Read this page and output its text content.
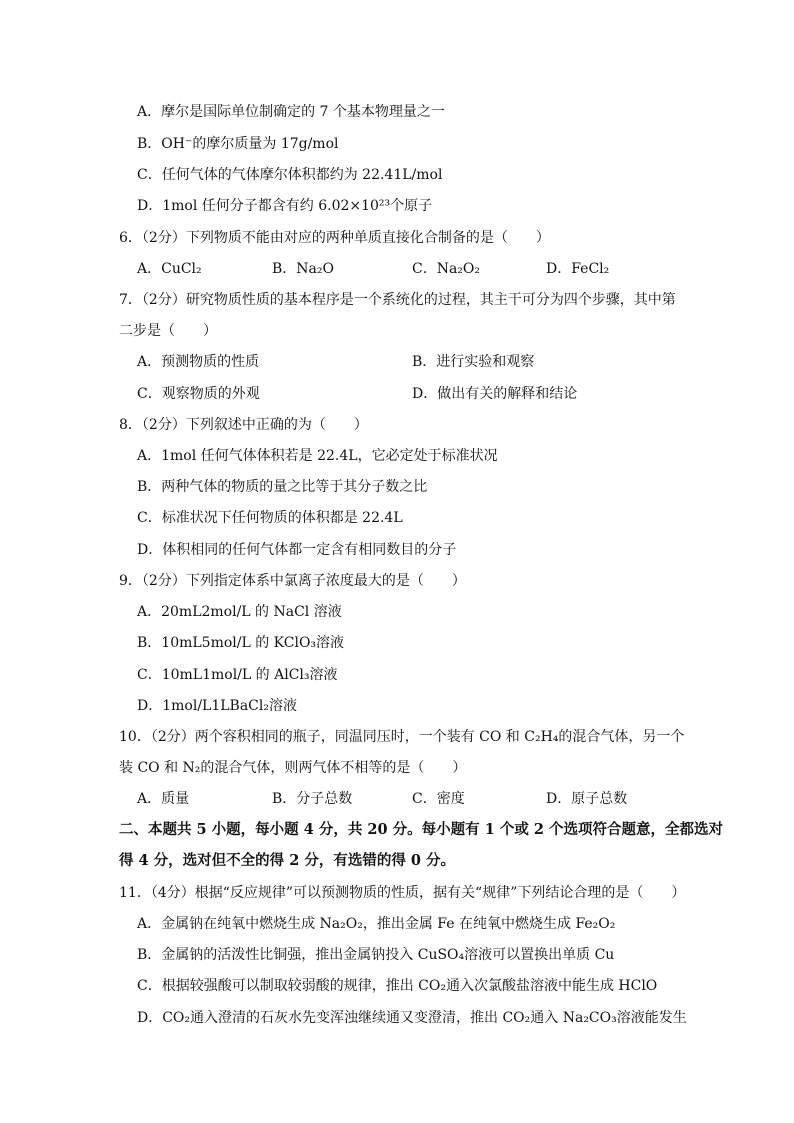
A．摩尔是国际单位制确定的 7 个基本物理量之一
B．OH⁻的摩尔质量为 17g/mol
C．任何气体的气体摩尔体积都约为 22.41L/mol
D．1mol 任何分子都含有约 6.02×10²³个原子
6．（2分）下列物质不能由对应的两种单质直接化合制备的是（　　）
A．CuCl₂	B．Na₂O	C．Na₂O₂	D．FeCl₂
7．（2分）研究物质性质的基本程序是一个系统化的过程，其主干可分为四个步骤，其中第
二步是（　　）
A．预测物质的性质	B．进行实验和观察
C．观察物质的外观	D．做出有关的解释和结论
8．（2分）下列叙述中正确的为（　　）
A．1mol 任何气体体积若是 22.4L，它必定处于标准状况
B．两种气体的物质的量之比等于其分子数之比
C．标准状况下任何物质的体积都是 22.4L
D．体积相同的任何气体都一定含有相同数目的分子
9．（2分）下列指定体系中氯离子浓度最大的是（　　）
A．20mL2mol/L 的 NaCl 溶液
B．10mL5mol/L 的 KClO₃溶液
C．10mL1mol/L 的 AlCl₃溶液
D．1mol/L1LBaCl₂溶液
10．（2分）两个容积相同的瓶子，同温同压时，一个装有 CO 和 C₂H₄的混合气体，另一个
装 CO 和 N₂的混合气体，则两气体不相等的是（　　）
A．质量	B．分子总数	C．密度	D．原子总数
二、本题共 5 小题，每小题 4 分，共 20 分。每小题有 1 个或 2 个选项符合题意，全都选对
得 4 分，选对但不全的得 2 分，有选错的得 0 分。
11．（4分）根据“反应规律”可以预测物质的性质，据有关“规律”下列结论合理的是（　　）
A．金属钠在纯氧中燃烧生成 Na₂O₂，推出金属 Fe 在纯氧中燃烧生成 Fe₂O₂
B．金属钠的活泼性比铜强，推出金属钠投入 CuSO₄溶液可以置换出单质 Cu
C．根据较强酸可以制取较弱酸的规律，推出 CO₂通入次氯酸盐溶液中能生成 HClO
D．CO₂通入澄清的石灰水先变浑浊继续通又变澄清，推出 CO₂通入 Na₂CO₃溶液能发生
